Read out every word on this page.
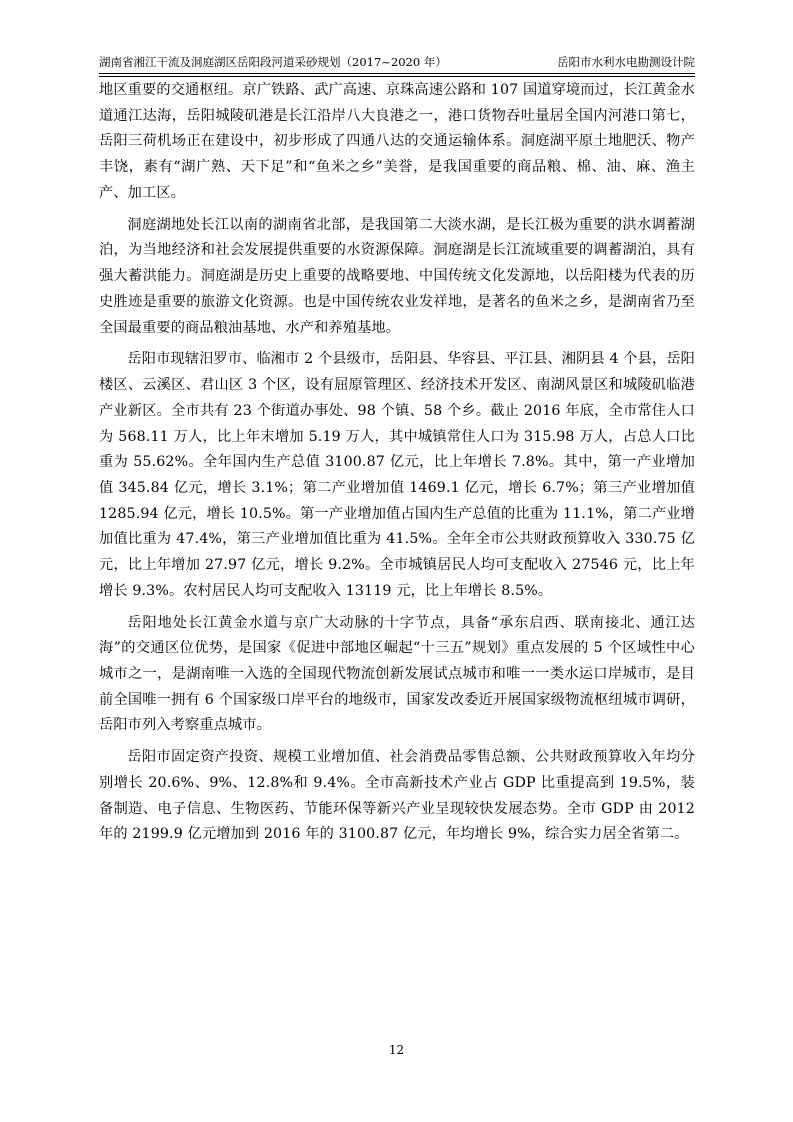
湖南省湘江干流及洞庭湖区岳阳段河道采砂规划（2017~2020 年）	岳阳市水利水电勘测设计院

地区重要的交通枢纽。京广铁路、武广高速、京珠高速公路和 107 国道穿境而过，长江黄金水道通江达海，岳阳城陵矶港是长江沿岸八大良港之一，港口货物吞吐量居全国内河港口第七，岳阳三荷机场正在建设中，初步形成了四通八达的交通运输体系。洞庭湖平原土地肥沃、物产丰饶，素有“湖广熟、天下足”和“鱼米之乡”美誉，是我国重要的商品粮、棉、油、麻、渔主产、加工区。

洞庭湖地处长江以南的湖南省北部，是我国第二大淡水湖，是长江极为重要的洪水调蓄湖泊，为当地经济和社会发展提供重要的水资源保障。洞庭湖是长江流域重要的调蓄湖泊，具有强大蓄洪能力。洞庭湖是历史上重要的战略要地、中国传统文化发源地，以岳阳楼为代表的历史胜迹是重要的旅游文化资源。也是中国传统农业发祥地，是著名的鱼米之乡，是湖南省乃至全国最重要的商品粮油基地、水产和养殖基地。

岳阳市现辖汨罗市、临湘市 2 个县级市，岳阳县、华容县、平江县、湘阴县 4 个县，岳阳楼区、云溪区、君山区 3 个区，设有屈原管理区、经济技术开发区、南湖风景区和城陵矶临港产业新区。全市共有 23 个街道办事处、98 个镇、58 个乡。截止 2016 年底，全市常住人口为 568.11 万人，比上年末增加 5.19 万人，其中城镇常住人口为 315.98 万人，占总人口比重为 55.62%。全年国内生产总值 3100.87 亿元，比上年增长 7.8%。其中，第一产业增加值 345.84 亿元，增长 3.1%；第二产业增加值 1469.1 亿元，增长 6.7%；第三产业增加值 1285.94 亿元，增长 10.5%。第一产业增加值占国内生产总值的比重为 11.1%，第二产业增加值比重为 47.4%，第三产业增加值比重为 41.5%。全年全市公共财政预算收入 330.75 亿元，比上年增加 27.97 亿元，增长 9.2%。全市城镇居民人均可支配收入 27546 元，比上年增长 9.3%。农村居民人均可支配收入 13119 元，比上年增长 8.5%。

岳阳地处长江黄金水道与京广大动脉的十字节点，具备“承东启西、联南接北、通江达海”的交通区位优势，是国家《促进中部地区崛起“十三五”规划》重点发展的 5 个区域性中心城市之一，是湖南唯一入选的全国现代物流创新发展试点城市和唯一一类水运口岸城市，是目前全国唯一拥有 6 个国家级口岸平台的地级市，国家发改委近开展国家级物流枢纽城市调研，岳阳市列入考察重点城市。

岳阳市固定资产投资、规模工业增加值、社会消费品零售总额、公共财政预算收入年均分别增长 20.6%、9%、12.8%和 9.4%。全市高新技术产业占 GDP 比重提高到 19.5%，装备制造、电子信息、生物医药、节能环保等新兴产业呈现较快发展态势。全市 GDP 由 2012 年的 2199.9 亿元增加到 2016 年的 3100.87 亿元，年均增长 9%，综合实力居全省第二。

12
